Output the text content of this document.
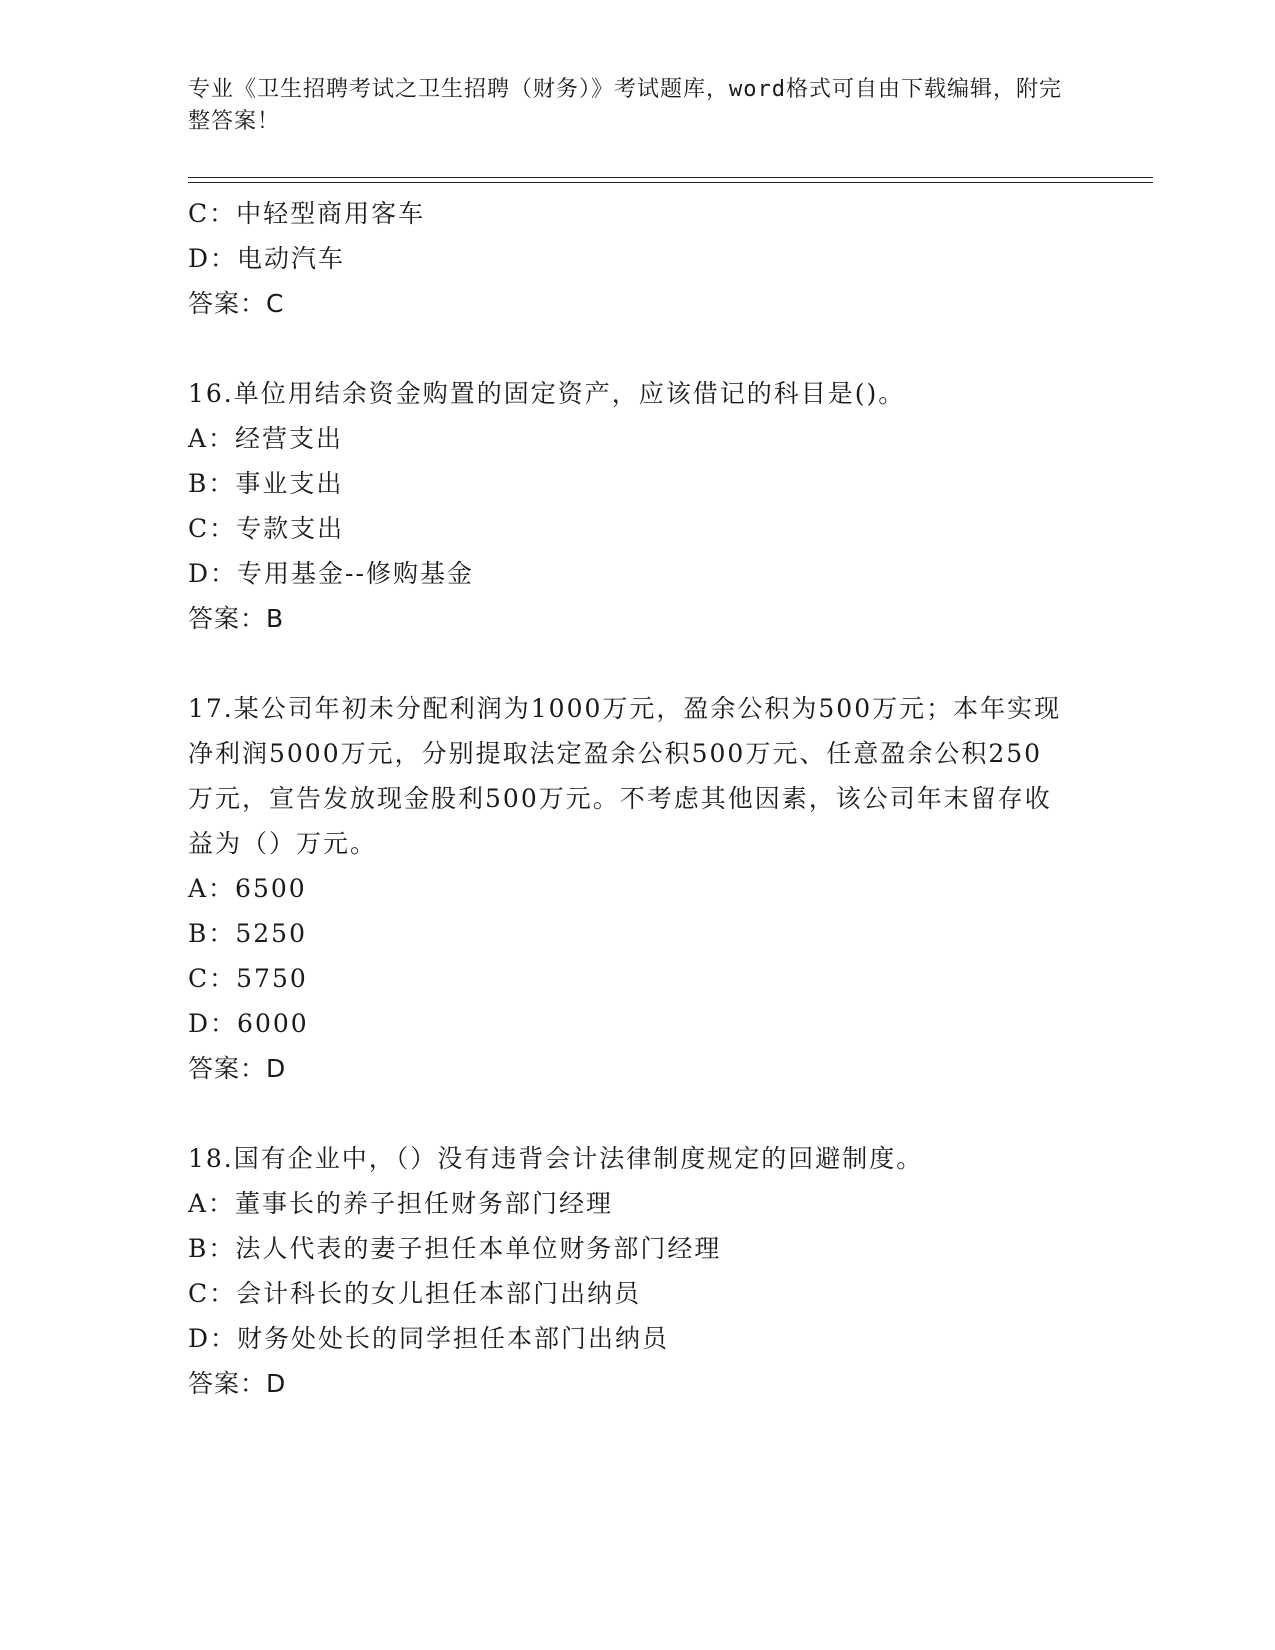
专业《卫生招聘考试之卫生招聘（财务）》考试题库，word格式可自由下载编辑，附完整答案！
C：中轻型商用客车
D：电动汽车
答案：C
16.单位用结余资金购置的固定资产，应该借记的科目是()。
A：经营支出
B：事业支出
C：专款支出
D：专用基金--修购基金
答案：B
17.某公司年初未分配利润为1000万元，盈余公积为500万元；本年实现净利润5000万元，分别提取法定盈余公积500万元、任意盈余公积250万元，宣告发放现金股利500万元。不考虑其他因素，该公司年末留存收益为（）万元。
A：6500
B：5250
C：5750
D：6000
答案：D
18.国有企业中，（）没有违背会计法律制度规定的回避制度。
A：董事长的养子担任财务部门经理
B：法人代表的妻子担任本单位财务部门经理
C：会计科长的女儿担任本部门出纳员
D：财务处处长的同学担任本部门出纳员
答案：D
